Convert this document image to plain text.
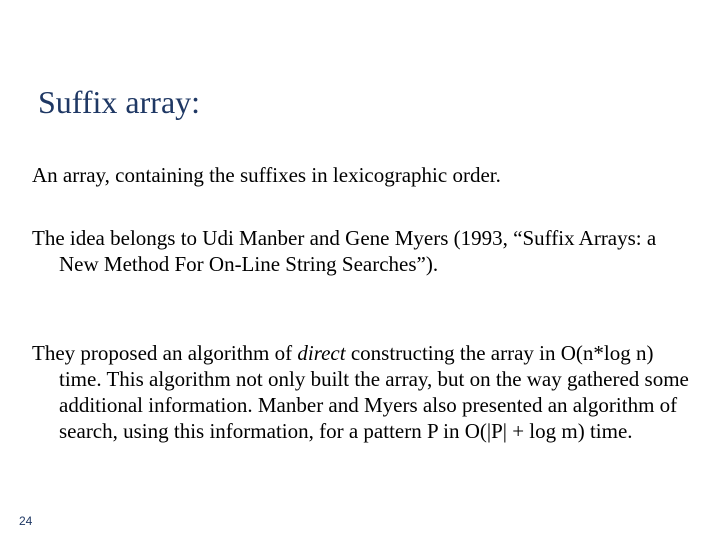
Suffix array:

An array, containing the suffixes in lexicographic order.

The idea belongs to Udi Manber and Gene Myers (1993, “Suffix Arrays: a New Method For On-Line String Searches”).

They proposed an algorithm of direct constructing the array in O(n*log n) time. This algorithm not only built the array, but on the way gathered some additional information. Manber and Myers also presented an algorithm of search, using this information, for a pattern P in O(|P| + log m) time.

24
